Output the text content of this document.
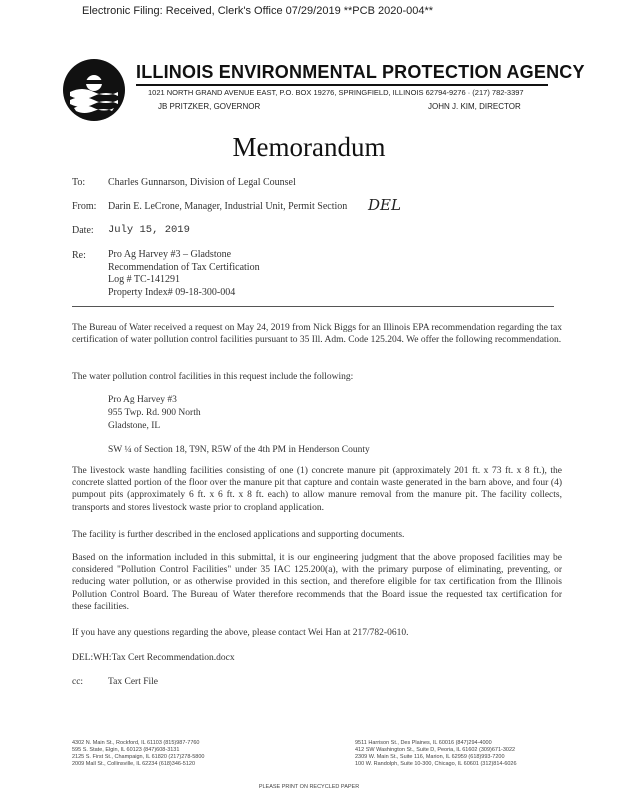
Electronic Filing: Received, Clerk's Office 07/29/2019 **PCB 2020-004**
ILLINOIS ENVIRONMENTAL PROTECTION AGENCY
1021 NORTH GRAND AVENUE EAST, P.O. BOX 19276, SPRINGFIELD, ILLINOIS 62794-9276 · (217) 782-3397
JB PRITZKER, GOVERNOR	JOHN J. KIM, DIRECTOR
Memorandum
To: Charles Gunnarson, Division of Legal Counsel
From: Darin E. LeCrone, Manager, Industrial Unit, Permit Section DEL
Date: July 15, 2019
Re: Pro Ag Harvey #3 – Gladstone
Recommendation of Tax Certification
Log # TC-141291
Property Index# 09-18-300-004
The Bureau of Water received a request on May 24, 2019 from Nick Biggs for an Illinois EPA recommendation regarding the tax certification of water pollution control facilities pursuant to 35 Ill. Adm. Code 125.204. We offer the following recommendation.
The water pollution control facilities in this request include the following:
Pro Ag Harvey #3
955 Twp. Rd. 900 North
Gladstone, IL
SW ¼ of Section 18, T9N, R5W of the 4th PM in Henderson County
The livestock waste handling facilities consisting of one (1) concrete manure pit (approximately 201 ft. x 73 ft. x 8 ft.), the concrete slatted portion of the floor over the manure pit that capture and contain waste generated in the barn above, and four (4) pumpout pits (approximately 6 ft. x 6 ft. x 8 ft. each) to allow manure removal from the manure pit. The facility collects, transports and stores livestock waste prior to cropland application.
The facility is further described in the enclosed applications and supporting documents.
Based on the information included in this submittal, it is our engineering judgment that the above proposed facilities may be considered "Pollution Control Facilities" under 35 IAC 125.200(a), with the primary purpose of eliminating, preventing, or reducing water pollution, or as otherwise provided in this section, and therefore eligible for tax certification from the Illinois Pollution Control Board. The Bureau of Water therefore recommends that the Board issue the requested tax certification for these facilities.
If you have any questions regarding the above, please contact Wei Han at 217/782-0610.
DEL:WH:Tax Cert Recommendation.docx
cc:	Tax Cert File
4302 N. Main St., Rockford, IL 61103 (815)987-7760
595 S. State, Elgin, IL 60123 (847)608-3131
2125 S. First St., Champaign, IL 61820 (217)278-5800
2009 Mall St., Collinsville, IL 62234 (618)346-5120
9511 Harrison St., Des Plaines, IL 60016 (847)294-4000
412 SW Washington St., Suite D, Peoria, IL 61602 (309)671-3022
2309 W. Main St., Suite 116, Marion, IL 62959 (618)993-7200
100 W. Randolph, Suite 10-300, Chicago, IL 60601 (312)814-6026
PLEASE PRINT ON RECYCLED PAPER
